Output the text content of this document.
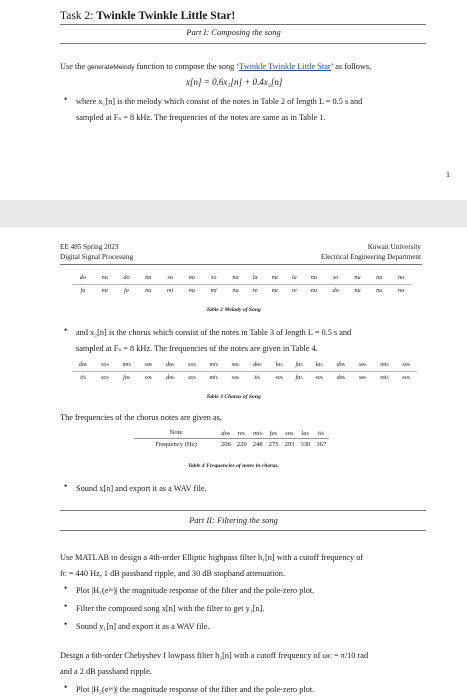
Task 2: Twinkle Twinkle Little Star!
Part I: Composing the song
Use the generateMelody function to compose the song ‘Twinkle Twinkle Little Star’ as follows,
x[n] = 0.6x₁[n] + 0.4x₂[n]
• where x₁[n] is the melody which consist of the notes in Table 2 of length L = 0.5 s and
sampled at Fₛ = 8 kHz. The frequencies of the notes are same as in Table 1.
1
EE 485 Spring 2023
Digital Signal Processing
Kuwait University
Electrical Engineering Department
do	nu	do	nu	so	nu	so	nu	la	nu	la	nu	so	nu	nu	nu
fa	nu	fa	nu	mi	nu	mi	nu	re	nu	re	nu	do	nu	nu	nu
Table 2 Melody of Song
• and x₂[n] is the chorus which consist of the notes in Table 3 of length L = 0.5 s and
sampled at Fₛ = 8 kHz. The frequencies of the notes are given in Table 4.
doₕ	soₕ	miₕ	soₕ	doₕ	soₕ	miₕ	soₕ	doₕ	laₕ	faₕ	laₕ	doₕ	soₕ	miₕ	soₕ
tiₕ	soₕ	faₕ	soₕ	doₕ	soₕ	miₕ	soₕ	tiₕ	soₕ	faₕ	soₕ	doₕ	soₕ	miₕ	soₕ
Table 3 Chorus of Song
The frequencies of the chorus notes are given as,
Note	doₕ	reₕ	miₕ	faₕ	soₕ	laₕ	tiₕ
Frequency (Hz)	206	220	248	275	293	330	367
Table 4 Frequencies of notes in chorus.
• Sound x[n] and export it as a WAV file.
Part II: Filtering the song
Use MATLAB to design a 4th-order Elliptic highpass filter h₁[n] with a cutoff frequency of
fᴄ = 440 Hz, 1 dB passband ripple, and 30 dB stopband attenuation.
• Plot |H₁(eʲʷ)| the magnitude response of the filter and the pole-zero plot.
• Filter the composed song x[n] with the filter to get y₁[n].
• Sound y₁[n] and export it as a WAV file.
Design a 6th-order Chebyshev I lowpass filter h₂[n] with a cutoff frequency of ωᴄ = π/10 rad
and a 2 dB passband ripple.
• Plot |H₂(eʲʷ)| the magnitude response of the filter and the pole-zero plot.
